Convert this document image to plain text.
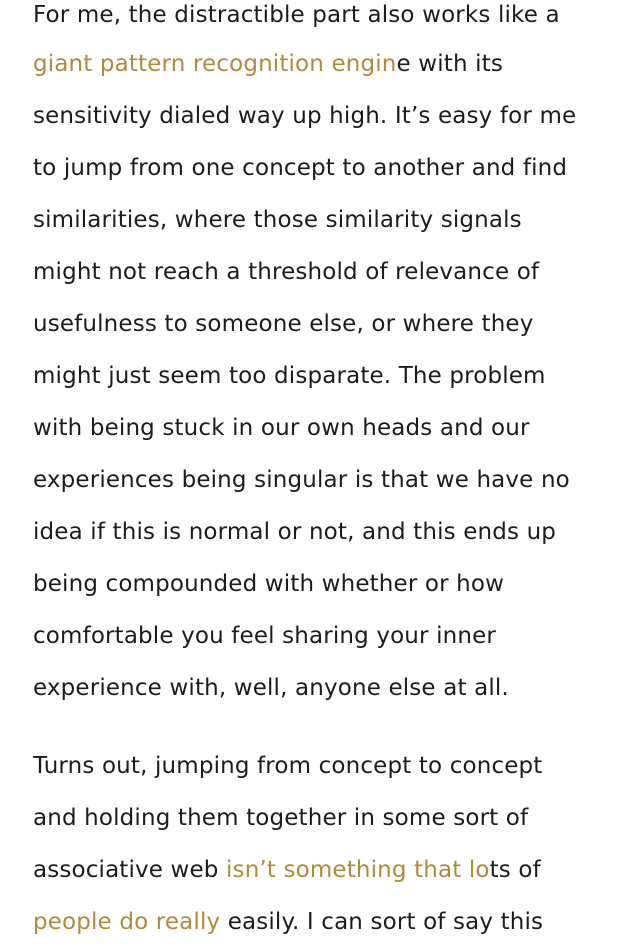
For me, the distractible part also works like a
giant pattern recognition engine with its
sensitivity dialed way up high. It’s easy for me
to jump from one concept to another and find
similarities, where those similarity signals
might not reach a threshold of relevance of
usefulness to someone else, or where they
might just seem too disparate. The problem
with being stuck in our own heads and our
experiences being singular is that we have no
idea if this is normal or not, and this ends up
being compounded with whether or how
comfortable you feel sharing your inner
experience with, well, anyone else at all.
Turns out, jumping from concept to concept
and holding them together in some sort of
associative web isn’t something that lots of
people do really easily. I can sort of say this
